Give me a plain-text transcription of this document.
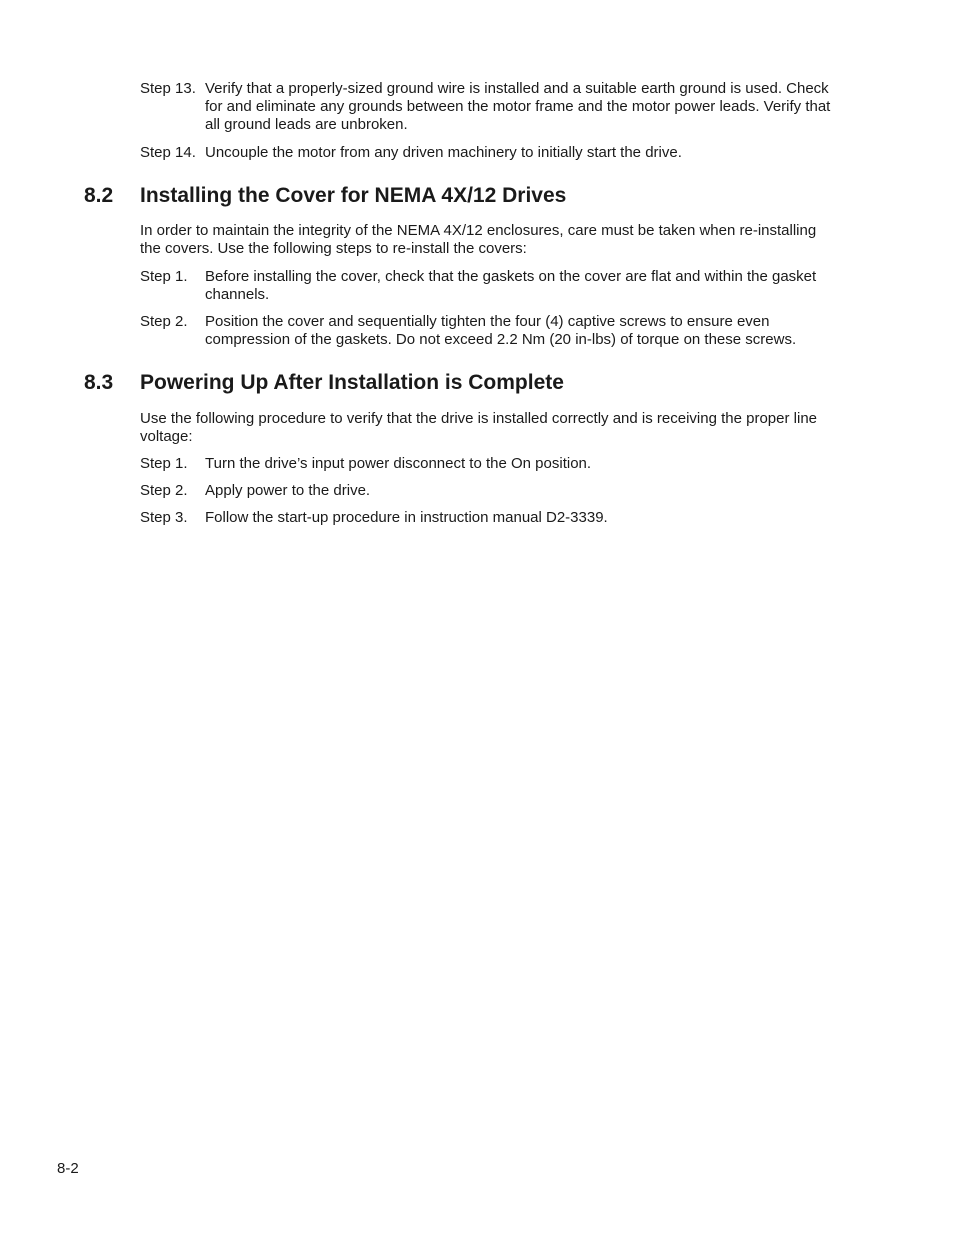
Step 13. Verify that a properly-sized ground wire is installed and a suitable earth ground is used. Check for and eliminate any grounds between the motor frame and the motor power leads. Verify that all ground leads are unbroken.
Step 14. Uncouple the motor from any driven machinery to initially start the drive.
8.2 Installing the Cover for NEMA 4X/12 Drives
In order to maintain the integrity of the NEMA 4X/12 enclosures, care must be taken when re-installing the covers. Use the following steps to re-install the covers:
Step 1. Before installing the cover, check that the gaskets on the cover are flat and within the gasket channels.
Step 2. Position the cover and sequentially tighten the four (4) captive screws to ensure even compression of the gaskets. Do not exceed 2.2 Nm (20 in-lbs) of torque on these screws.
8.3 Powering Up After Installation is Complete
Use the following procedure to verify that the drive is installed correctly and is receiving the proper line voltage:
Step 1. Turn the drive’s input power disconnect to the On position.
Step 2. Apply power to the drive.
Step 3. Follow the start-up procedure in instruction manual D2-3339.
8-2
